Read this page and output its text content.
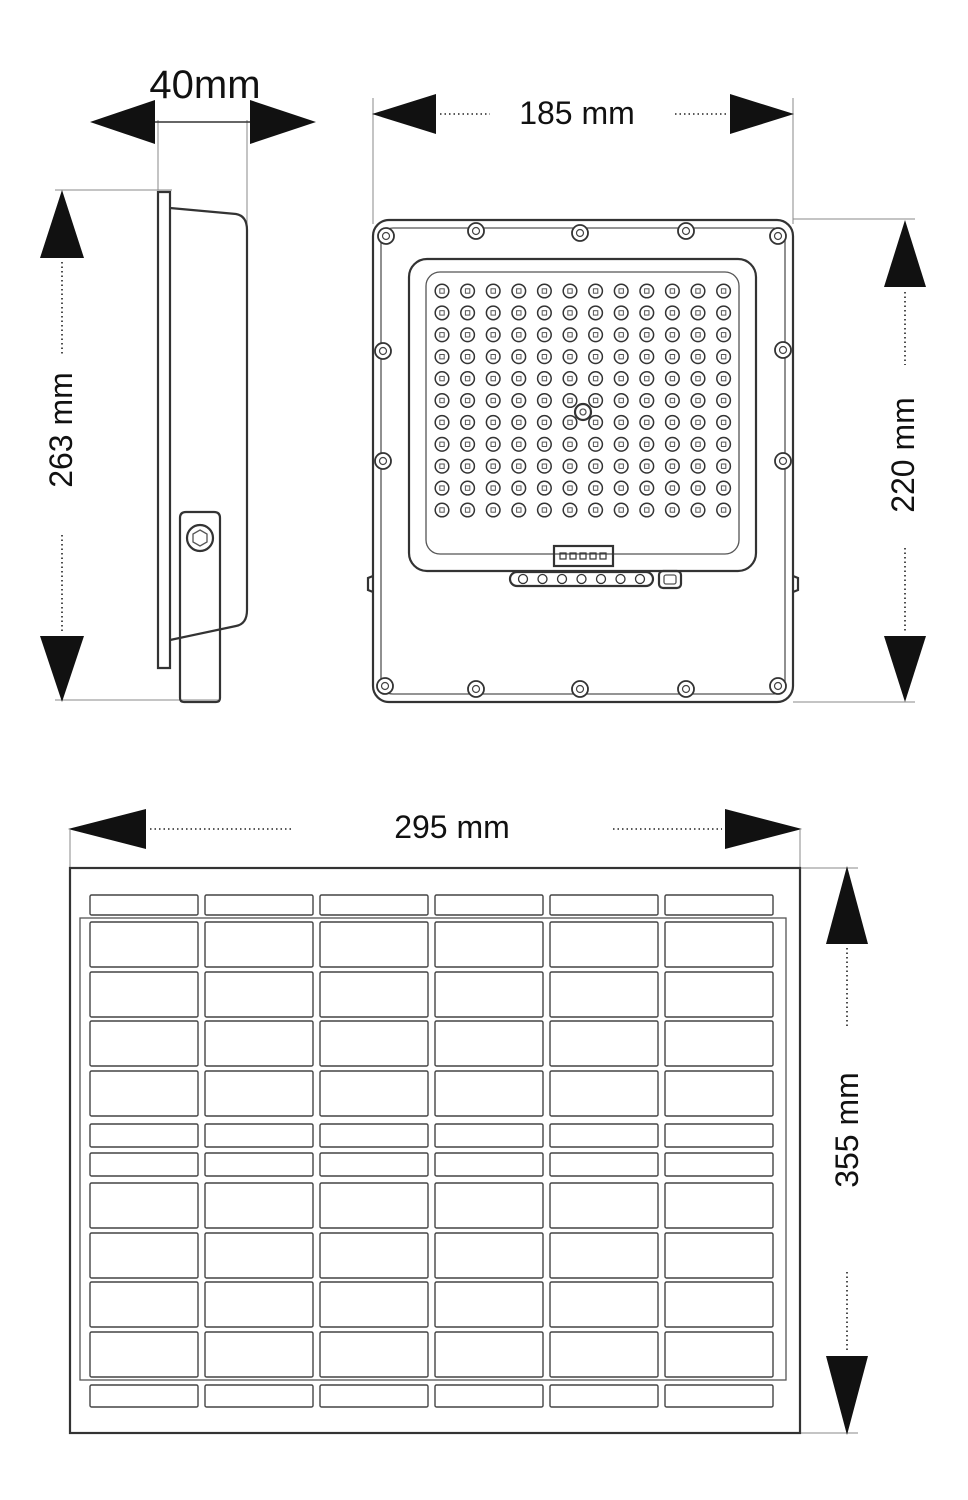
40mm
263 mm
185 mm
220 mm
295 mm
355 mm
